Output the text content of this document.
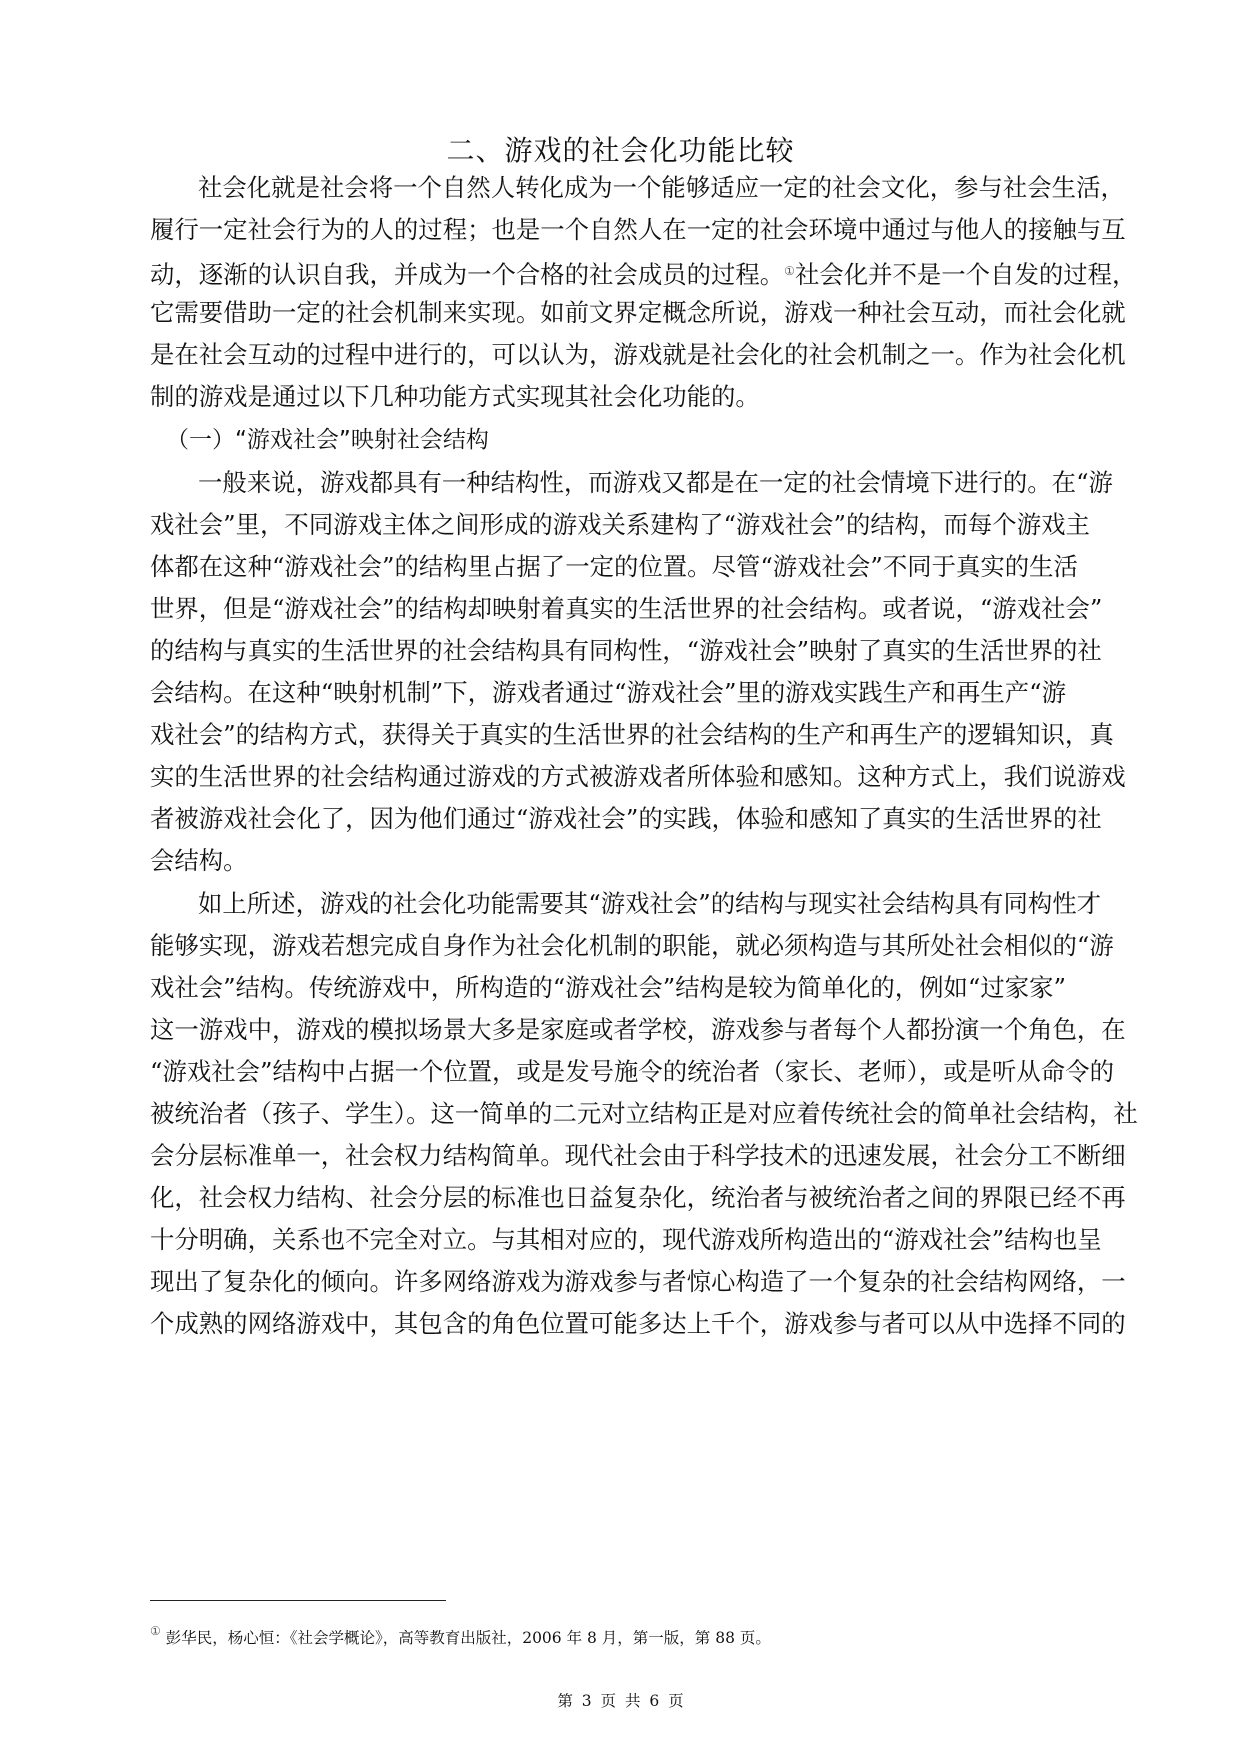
二、游戏的社会化功能比较
社会化就是社会将一个自然人转化成为一个能够适应一定的社会文化，参与社会生活，
履行一定社会行为的人的过程；也是一个自然人在一定的社会环境中通过与他人的接触与互
动，逐渐的认识自我，并成为一个合格的社会成员的过程。①社会化并不是一个自发的过程，
它需要借助一定的社会机制来实现。如前文界定概念所说，游戏一种社会互动，而社会化就
是在社会互动的过程中进行的，可以认为，游戏就是社会化的社会机制之一。作为社会化机
制的游戏是通过以下几种功能方式实现其社会化功能的。
（一）“游戏社会”映射社会结构
一般来说，游戏都具有一种结构性，而游戏又都是在一定的社会情境下进行的。在“游
戏社会”里，不同游戏主体之间形成的游戏关系建构了“游戏社会”的结构，而每个游戏主
体都在这种“游戏社会”的结构里占据了一定的位置。尽管“游戏社会”不同于真实的生活
世界，但是“游戏社会”的结构却映射着真实的生活世界的社会结构。或者说，“游戏社会”
的结构与真实的生活世界的社会结构具有同构性，“游戏社会”映射了真实的生活世界的社
会结构。在这种“映射机制”下，游戏者通过“游戏社会”里的游戏实践生产和再生产“游
戏社会”的结构方式，获得关于真实的生活世界的社会结构的生产和再生产的逻辑知识，真
实的生活世界的社会结构通过游戏的方式被游戏者所体验和感知。这种方式上，我们说游戏
者被游戏社会化了，因为他们通过“游戏社会”的实践，体验和感知了真实的生活世界的社
会结构。
如上所述，游戏的社会化功能需要其“游戏社会”的结构与现实社会结构具有同构性才
能够实现，游戏若想完成自身作为社会化机制的职能，就必须构造与其所处社会相似的“游
戏社会”结构。传统游戏中，所构造的“游戏社会”结构是较为简单化的，例如“过家家”
这一游戏中，游戏的模拟场景大多是家庭或者学校，游戏参与者每个人都扮演一个角色，在
“游戏社会”结构中占据一个位置，或是发号施令的统治者（家长、老师），或是听从命令的
被统治者（孩子、学生）。这一简单的二元对立结构正是对应着传统社会的简单社会结构，社
会分层标准单一，社会权力结构简单。现代社会由于科学技术的迅速发展，社会分工不断细
化，社会权力结构、社会分层的标准也日益复杂化，统治者与被统治者之间的界限已经不再
十分明确，关系也不完全对立。与其相对应的，现代游戏所构造出的“游戏社会”结构也呈
现出了复杂化的倾向。许多网络游戏为游戏参与者惊心构造了一个复杂的社会结构网络，一
个成熟的网络游戏中，其包含的角色位置可能多达上千个，游戏参与者可以从中选择不同的
① 彭华民，杨心恒：《社会学概论》，高等教育出版社，2006 年 8 月，第一版，第 88 页。
第 3 页 共 6 页
